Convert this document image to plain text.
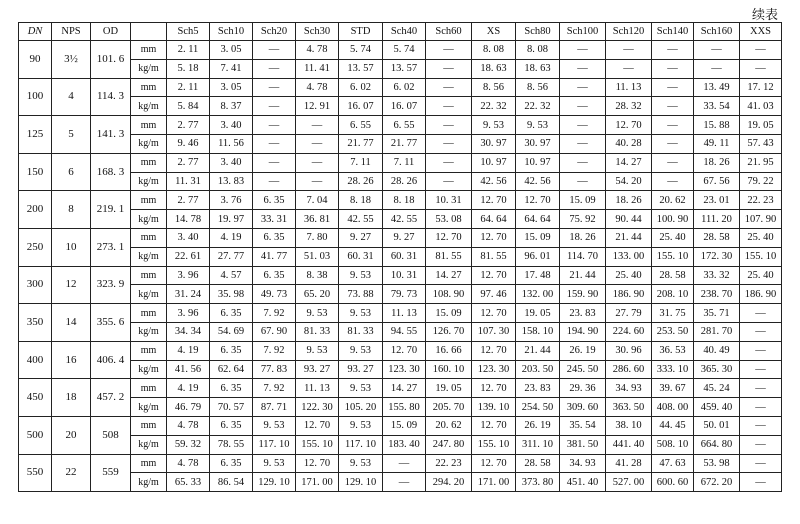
续表
DN	NPS	OD		Sch5	Sch10	Sch20	Sch30	STD	Sch40	Sch60	XS	Sch80	Sch100	Sch120	Sch140	Sch160	XXS
90	3½	101. 6	mm	2. 11	3. 05	—	4. 78	5. 74	5. 74	—	8. 08	8. 08	—	—	—	—	—
			kg/m	5. 18	7. 41	—	11. 41	13. 57	13. 57	—	18. 63	18. 63	—	—	—	—	—
100	4	114. 3	mm	2. 11	3. 05	—	4. 78	6. 02	6. 02	—	8. 56	8. 56	—	11. 13	—	13. 49	17. 12
			kg/m	5. 84	8. 37	—	12. 91	16. 07	16. 07	—	22. 32	22. 32	—	28. 32	—	33. 54	41. 03
125	5	141. 3	mm	2. 77	3. 40	—	—	6. 55	6. 55	—	9. 53	9. 53	—	12. 70	—	15. 88	19. 05
			kg/m	9. 46	11. 56	—	—	21. 77	21. 77	—	30. 97	30. 97	—	40. 28	—	49. 11	57. 43
150	6	168. 3	mm	2. 77	3. 40	—	—	7. 11	7. 11	—	10. 97	10. 97	—	14. 27	—	18. 26	21. 95
			kg/m	11. 31	13. 83	—	—	28. 26	28. 26	—	42. 56	42. 56	—	54. 20	—	67. 56	79. 22
200	8	219. 1	mm	2. 77	3. 76	6. 35	7. 04	8. 18	8. 18	10. 31	12. 70	12. 70	15. 09	18. 26	20. 62	23. 01	22. 23
			kg/m	14. 78	19. 97	33. 31	36. 81	42. 55	42. 55	53. 08	64. 64	64. 64	75. 92	90. 44	100. 90	111. 20	107. 90
250	10	273. 1	mm	3. 40	4. 19	6. 35	7. 80	9. 27	9. 27	12. 70	12. 70	15. 09	18. 26	21. 44	25. 40	28. 58	25. 40
			kg/m	22. 61	27. 77	41. 77	51. 03	60. 31	60. 31	81. 55	81. 55	96. 01	114. 70	133. 00	155. 10	172. 30	155. 10
300	12	323. 9	mm	3. 96	4. 57	6. 35	8. 38	9. 53	10. 31	14. 27	12. 70	17. 48	21. 44	25. 40	28. 58	33. 32	25. 40
			kg/m	31. 24	35. 98	49. 73	65. 20	73. 88	79. 73	108. 90	97. 46	132. 00	159. 90	186. 90	208. 10	238. 70	186. 90
350	14	355. 6	mm	3. 96	6. 35	7. 92	9. 53	9. 53	11. 13	15. 09	12. 70	19. 05	23. 83	27. 79	31. 75	35. 71	—
			kg/m	34. 34	54. 69	67. 90	81. 33	81. 33	94. 55	126. 70	107. 30	158. 10	194. 90	224. 60	253. 50	281. 70	—
400	16	406. 4	mm	4. 19	6. 35	7. 92	9. 53	9. 53	12. 70	16. 66	12. 70	21. 44	26. 19	30. 96	36. 53	40. 49	—
			kg/m	41. 56	62. 64	77. 83	93. 27	93. 27	123. 30	160. 10	123. 30	203. 50	245. 50	286. 60	333. 10	365. 30	—
450	18	457. 2	mm	4. 19	6. 35	7. 92	11. 13	9. 53	14. 27	19. 05	12. 70	23. 83	29. 36	34. 93	39. 67	45. 24	—
			kg/m	46. 79	70. 57	87. 71	122. 30	105. 20	155. 80	205. 70	139. 10	254. 50	309. 60	363. 50	408. 00	459. 40	—
500	20	508	mm	4. 78	6. 35	9. 53	12. 70	9. 53	15. 09	20. 62	12. 70	26. 19	35. 54	38. 10	44. 45	50. 01	—
			kg/m	59. 32	78. 55	117. 10	155. 10	117. 10	183. 40	247. 80	155. 10	311. 10	381. 50	441. 40	508. 10	664. 80	—
550	22	559	mm	4. 78	6. 35	9. 53	12. 70	9. 53	—	22. 23	12. 70	28. 58	34. 93	41. 28	47. 63	53. 98	—
			kg/m	65. 33	86. 54	129. 10	171. 00	129. 10	—	294. 20	171. 00	373. 80	451. 40	527. 00	600. 60	672. 20	—
